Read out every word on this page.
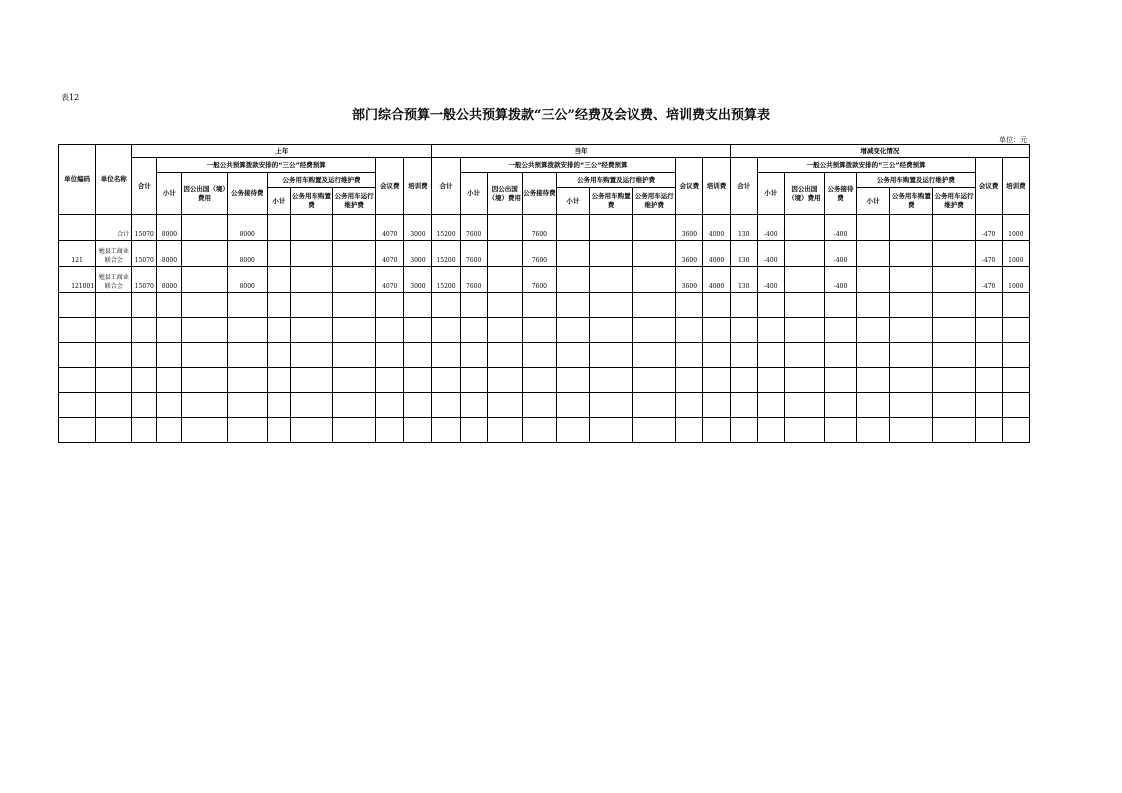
表12
部门综合预算一般公共预算拨款“三公”经费及会议费、培训费支出预算表
单位：元
单位编码	单位名称	上年									当年									增减变化情况								
		合计	一般公共预算拨款安排的“三公”经费预算						会议费	培训费	合计	一般公共预算拨款安排的“三公”经费预算						会议费	培训费	合计	一般公共预算拨款安排的“三公”经费预算						会议费	培训费
			小计	因公出国（境）费用	公务接待费	公务用车购置及运行维护费						小计	因公出国（境）费用	公务接待费	公务用车购置及运行维护费						小计	因公出国（境）费用	公务接待费	公务用车购置及运行维护费				
						小计	公务用车购置费	公务用车运行维护费							小计	公务用车购置费	公务用车运行维护费							小计	公务用车购置费	公务用车运行维护费		
	合计	15070	8000		8000				4070	3000	15200	7600		7600				3600	4000	130	-400		-400				-470	1000
121	勉县工商业联合会	15070	8000		8000				4070	3000	15200	7600		7600				3600	4000	130	-400		-400				-470	1000
121001	勉县工商业联合会	15070	8000		8000				4070	3000	15200	7600		7600				3600	4000	130	-400		-400				-470	1000
